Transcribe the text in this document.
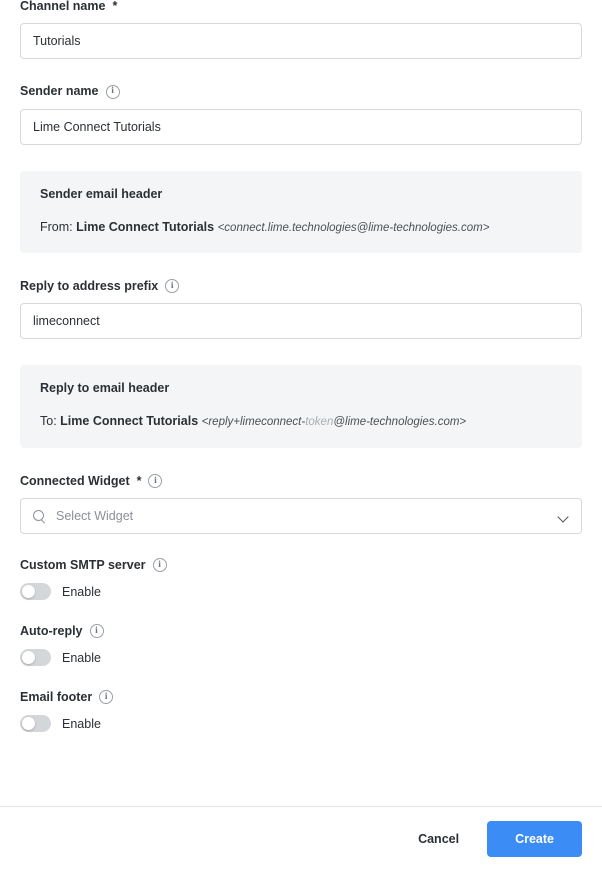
Channel name *
Tutorials
Sender name	i
Lime Connect Tutorials
Sender email header
From: Lime Connect Tutorials <connect.lime.technologies@lime-technologies.com>
Reply to address prefix	i
limeconnect
Reply to email header
To: Lime Connect Tutorials <reply+limeconnect-token@lime-technologies.com>
Connected Widget *	i
Select Widget
Custom SMTP server	i
Enable
Auto-reply	i
Enable
Email footer	i
Enable
Cancel	Create
